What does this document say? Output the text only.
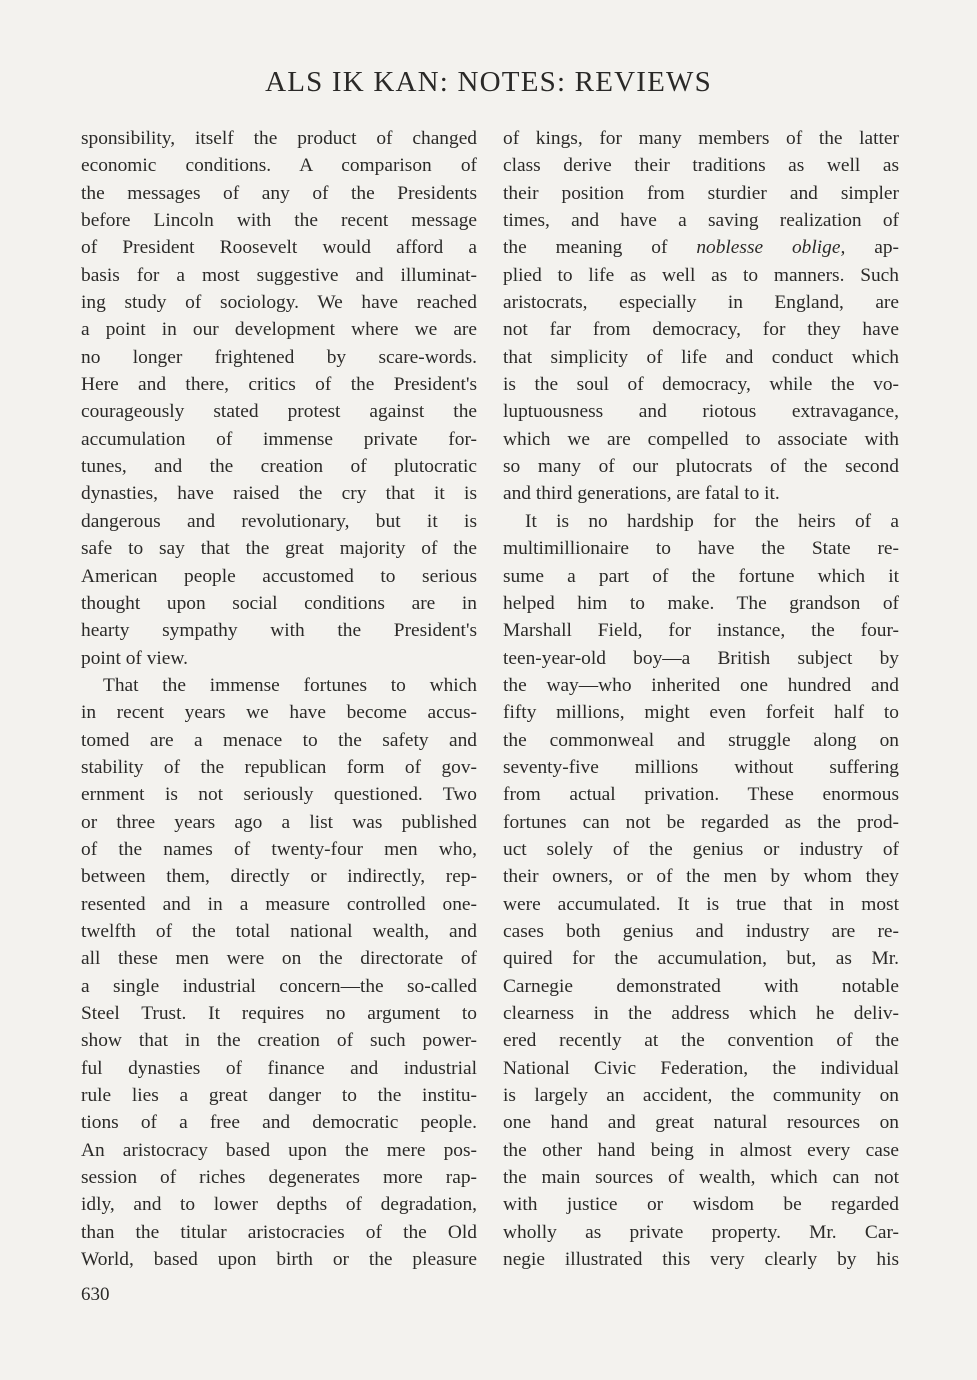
ALS IK KAN: NOTES: REVIEWS
sponsibility, itself the product of changed
economic conditions. A comparison of
the messages of any of the Presidents
before Lincoln with the recent message
of President Roosevelt would afford a
basis for a most suggestive and illuminat-
ing study of sociology. We have reached
a point in our development where we are
no longer frightened by scare-words.
Here and there, critics of the President's
courageously stated protest against the
accumulation of immense private for-
tunes, and the creation of plutocratic
dynasties, have raised the cry that it is
dangerous and revolutionary, but it is
safe to say that the great majority of the
American people accustomed to serious
thought upon social conditions are in
hearty sympathy with the President's
point of view.
That the immense fortunes to which
in recent years we have become accus-
tomed are a menace to the safety and
stability of the republican form of gov-
ernment is not seriously questioned. Two
or three years ago a list was published
of the names of twenty-four men who,
between them, directly or indirectly, rep-
resented and in a measure controlled one-
twelfth of the total national wealth, and
all these men were on the directorate of
a single industrial concern—the so-called
Steel Trust. It requires no argument to
show that in the creation of such power-
ful dynasties of finance and industrial
rule lies a great danger to the institu-
tions of a free and democratic people.
An aristocracy based upon the mere pos-
session of riches degenerates more rap-
idly, and to lower depths of degradation,
than the titular aristocracies of the Old
World, based upon birth or the pleasure
of kings, for many members of the latter
class derive their traditions as well as
their position from sturdier and simpler
times, and have a saving realization of
the meaning of noblesse oblige, ap-
plied to life as well as to manners. Such
aristocrats, especially in England, are
not far from democracy, for they have
that simplicity of life and conduct which
is the soul of democracy, while the vo-
luptuousness and riotous extravagance,
which we are compelled to associate with
so many of our plutocrats of the second
and third generations, are fatal to it.
It is no hardship for the heirs of a
multimillionaire to have the State re-
sume a part of the fortune which it
helped him to make. The grandson of
Marshall Field, for instance, the four-
teen-year-old boy—a British subject by
the way—who inherited one hundred and
fifty millions, might even forfeit half to
the commonweal and struggle along on
seventy-five millions without suffering
from actual privation. These enormous
fortunes can not be regarded as the prod-
uct solely of the genius or industry of
their owners, or of the men by whom they
were accumulated. It is true that in most
cases both genius and industry are re-
quired for the accumulation, but, as Mr.
Carnegie demonstrated with notable
clearness in the address which he deliv-
ered recently at the convention of the
National Civic Federation, the individual
is largely an accident, the community on
one hand and great natural resources on
the other hand being in almost every case
the main sources of wealth, which can not
with justice or wisdom be regarded
wholly as private property. Mr. Car-
negie illustrated this very clearly by his
630
